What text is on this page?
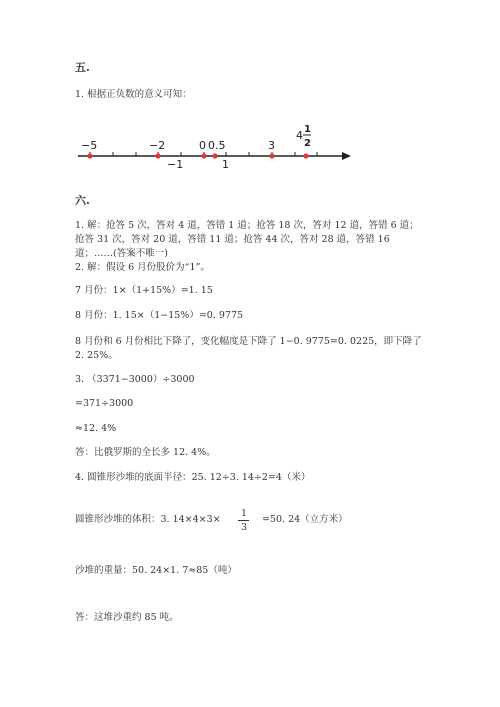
五.
1. 根据正负数的意义可知：
−5	−2	0 0.5	3
−1	1
4 1
2
六.
1. 解：抢答 5 次，答对 4 道，答错 1 道；抢答 18 次，答对 12 道，答错 6 道；
抢答 31 次，答对 20 道，答错 11 道；抢答 44 次，答对 28 道，答错 16
道；……(答案不唯一)
2. 解：假设 6 月份股价为“1”。
7 月份：1×（1+15%）=1. 15
8 月份：1. 15×（1−15%）=0. 9775
8 月份和 6 月份相比下降了，变化幅度是下降了 1−0. 9775=0. 0225，即下降了
2. 25%。
3. （3371−3000）÷3000
=371÷3000
≈12. 4%
答：比俄罗斯的全长多 12. 4%。
4. 圆锥形沙堆的底面半径：25. 12÷3. 14÷2=4（米）
圆锥形沙堆的体积：3. 14×4×3×
1
3
=50. 24（立方米）
沙堆的重量：50. 24×1. 7≈85（吨）
答：这堆沙重约 85 吨。
